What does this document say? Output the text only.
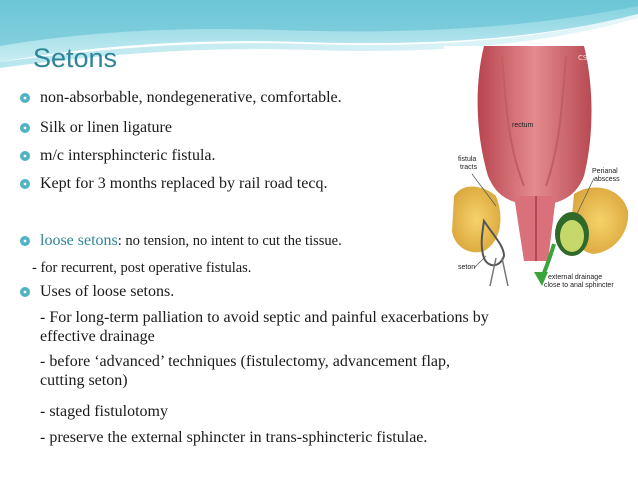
Setons
non-absorbable, nondegenerative, comfortable.
Silk or linen ligature
m/c intersphincteric fistula.
Kept for 3 months replaced by rail road tecq.
loose setons: no tension, no intent to cut the tissue.
- for recurrent, post operative fistulas.
Uses of loose setons.
- For long-term palliation to avoid septic and painful exacerbations by
effective drainage
- before ‘advanced’ techniques (fistulectomy, advancement flap,
cutting seton)
- staged fistulotomy
- preserve the external sphincter in trans-sphincteric fistulae.
CS
rectum
fistula
tracts
Perianal
abscess
seton
external drainage
close to anal sphincter
